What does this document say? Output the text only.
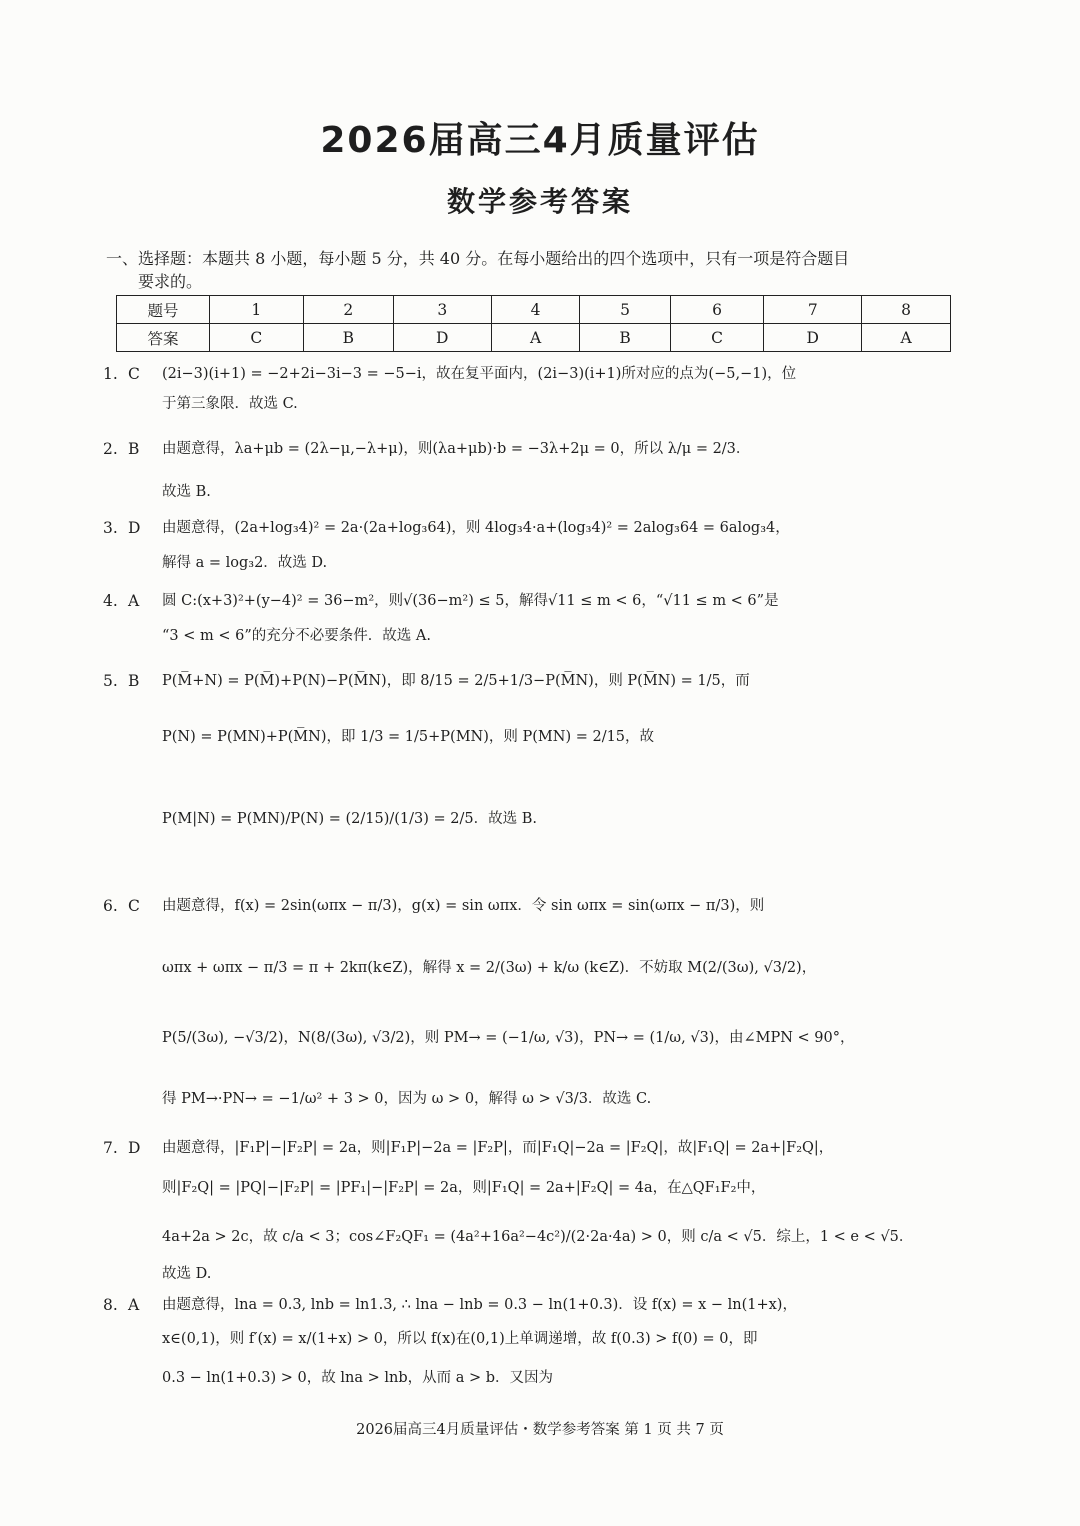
2026届高三4月质量评估
数学参考答案
一、选择题：本题共 8 小题，每小题 5 分，共 40 分。在每小题给出的四个选项中，只有一项是符合题目
要求的。
题号	1	2	3	4	5	6	7	8
答案	C	B	D	A	B	C	D	A
1. C (2i−3)(i+1) = −2+2i−3i−3 = −5−i，故在复平面内，(2i−3)(i+1)所对应的点为(−5,−1)，位
于第三象限．故选 C.
2. B 由题意得，λa+μb = (2λ−μ,−λ+μ)，则(λa+μb)·b = −3λ+2μ = 0，所以 λ/μ = 2/3．
故选 B.
3. D 由题意得，(2a+log₃4)² = 2a·(2a+log₃64)，则 4log₃4·a+(log₃4)² = 2alog₃64 = 6alog₃4，
解得 a = log₃2．故选 D.
4. A 圆 C:(x+3)²+(y−4)² = 36−m²，则√(36−m²) ≤ 5，解得√11 ≤ m < 6，“√11 ≤ m < 6”是
“3 < m < 6”的充分不必要条件．故选 A.
5. B P(M̅+N) = P(M̅)+P(N)−P(M̅N)，即 8/15 = 2/5+1/3−P(M̅N)，则 P(M̅N) = 1/5，而
P(N) = P(MN)+P(M̅N)，即 1/3 = 1/5+P(MN)，则 P(MN) = 2/15，故
P(M|N) = P(MN)/P(N) = (2/15)/(1/3) = 2/5．故选 B.
6. C 由题意得，f(x) = 2sin(ωπx − π/3)，g(x) = sin ωπx．令 sin ωπx = sin(ωπx − π/3)，则
ωπx + ωπx − π/3 = π + 2kπ(k∈Z)，解得 x = 2/(3ω) + k/ω (k∈Z)．不妨取 M(2/(3ω), √3/2)，
P(5/(3ω), −√3/2)，N(8/(3ω), √3/2)，则 PM→ = (−1/ω, √3)，PN→ = (1/ω, √3)，由∠MPN < 90°，
得 PM→·PN→ = −1/ω² + 3 > 0，因为 ω > 0，解得 ω > √3/3．故选 C.
7. D 由题意得，|F₁P|−|F₂P| = 2a，则|F₁P|−2a = |F₂P|，而|F₁Q|−2a = |F₂Q|，故|F₁Q| = 2a+|F₂Q|，
则|F₂Q| = |PQ|−|F₂P| = |PF₁|−|F₂P| = 2a，则|F₁Q| = 2a+|F₂Q| = 4a，在△QF₁F₂中，
4a+2a > 2c，故 c/a < 3；cos∠F₂QF₁ = (4a²+16a²−4c²)/(2·2a·4a) > 0，则 c/a < √5．综上，1 < e < √5．
故选 D.
8. A 由题意得，lna = 0.3, lnb = ln1.3, ∴ lna − lnb = 0.3 − ln(1+0.3)．设 f(x) = x − ln(1+x)，
x∈(0,1)，则 f′(x) = x/(1+x) > 0，所以 f(x)在(0,1)上单调递增，故 f(0.3) > f(0) = 0，即
0.3 − ln(1+0.3) > 0，故 lna > lnb，从而 a > b．又因为
2026届高三4月质量评估・数学参考答案 第 1 页 共 7 页
